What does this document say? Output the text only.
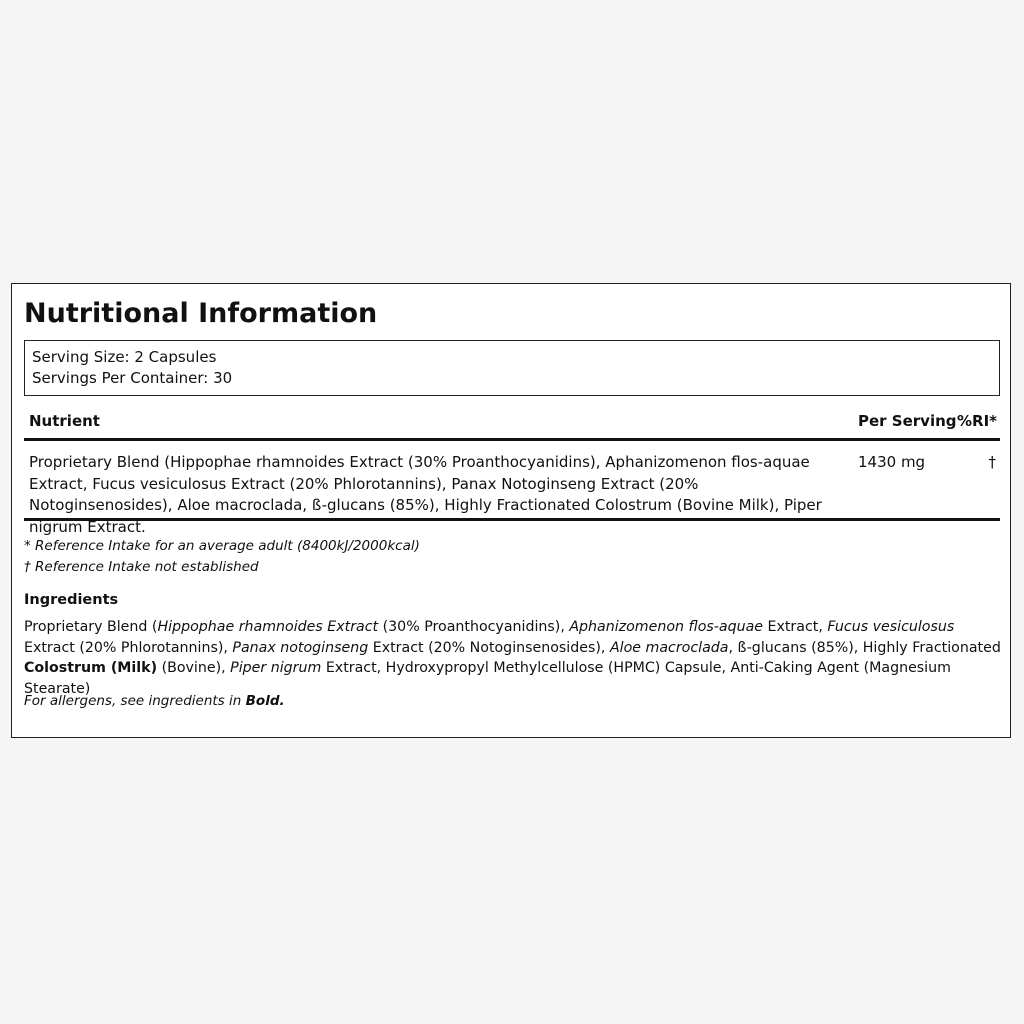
Nutritional Information
Serving Size: 2 Capsules
Servings Per Container: 30
Nutrient	Per Serving %RI*
Proprietary Blend (Hippophae rhamnoides Extract (30% Proanthocyanidins), Aphanizomenon flos-aquae Extract, Fucus vesiculosus Extract (20% Phlorotannins), Panax Notoginseng Extract (20% Notoginsenosides), Aloe macroclada, ß-glucans (85%), Highly Fractionated Colostrum (Bovine Milk), Piper nigrum Extract.
1430 mg	†
* Reference Intake for an average adult (8400kJ/2000kcal)
† Reference Intake not established
Ingredients
Proprietary Blend (Hippophae rhamnoides Extract (30% Proanthocyanidins), Aphanizomenon flos-aquae Extract, Fucus vesiculosus Extract (20% Phlorotannins), Panax notoginseng Extract (20% Notoginsenosides), Aloe macroclada, ß-glucans (85%), Highly Fractionated Colostrum (Milk) (Bovine), Piper nigrum Extract, Hydroxypropyl Methylcellulose (HPMC) Capsule, Anti-Caking Agent (Magnesium Stearate)
For allergens, see ingredients in Bold.
